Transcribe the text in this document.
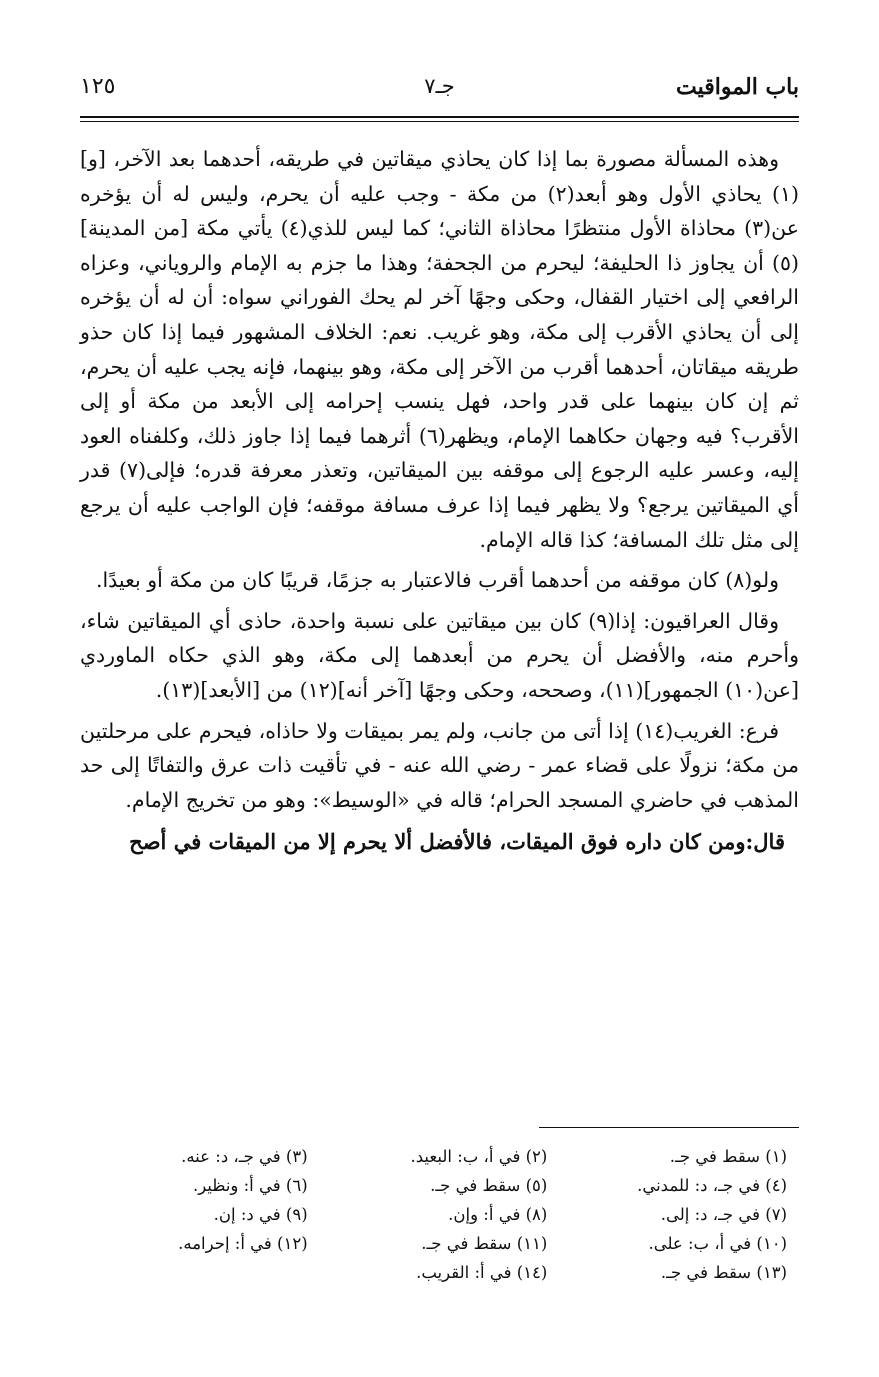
باب المواقيت
جـ٧
١٢٥

وهذه المسألة مصورة بما إذا كان يحاذي ميقاتين في طريقه، أحدهما بعد الآخر، [و](١) يحاذي الأول وهو أبعد(٢) من مكة - وجب عليه أن يحرم، وليس له أن يؤخره عن(٣) محاذاة الأول منتظرًا محاذاة الثاني؛ كما ليس للذي(٤) يأتي مكة [من المدينة](٥) أن يجاوز ذا الحليفة؛ ليحرم من الجحفة؛ وهذا ما جزم به الإمام والروياني، وعزاه الرافعي إلى اختيار القفال، وحكى وجهًا آخر لم يحك الفوراني سواه: أن له أن يؤخره إلى أن يحاذي الأقرب إلى مكة، وهو غريب. نعم: الخلاف المشهور فيما إذا كان حذو طريقه ميقاتان، أحدهما أقرب من الآخر إلى مكة، وهو بينهما، فإنه يجب عليه أن يحرم، ثم إن كان بينهما على قدر واحد، فهل ينسب إحرامه إلى الأبعد من مكة أو إلى الأقرب؟ فيه وجهان حكاهما الإمام، ويظهر(٦) أثرهما فيما إذا جاوز ذلك، وكلفناه العود إليه، وعسر عليه الرجوع إلى موقفه بين الميقاتين، وتعذر معرفة قدره؛ فإلى(٧) قدر أي الميقاتين يرجع؟ ولا يظهر فيما إذا عرف مسافة موقفه؛ فإن الواجب عليه أن يرجع إلى مثل تلك المسافة؛ كذا قاله الإمام.

ولو(٨) كان موقفه من أحدهما أقرب فالاعتبار به جزمًا، قريبًا كان من مكة أو بعيدًا.

وقال العراقيون: إذا(٩) كان بين ميقاتين على نسبة واحدة، حاذى أي الميقاتين شاء، وأحرم منه، والأفضل أن يحرم من أبعدهما إلى مكة، وهو الذي حكاه الماوردي [عن(١٠) الجمهور](١١)، وصححه، وحكى وجهًا [آخر أنه](١٢) من [الأبعد](١٣).

فرع: الغريب(١٤) إذا أتى من جانب، ولم يمر بميقات ولا حاذاه، فيحرم على مرحلتين من مكة؛ نزولًا على قضاء عمر - رضي الله عنه - في تأقيت ذات عرق والتفاتًا إلى حد المذهب في حاضري المسجد الحرام؛ قاله في «الوسيط»: وهو من تخريج الإمام.

قال:ومن كان داره فوق الميقات، فالأفضل ألا يحرم إلا من الميقات في أصح

(١) سقط في جـ.
(٢) في أ، ب: البعيد.
(٣) في جـ، د: عنه.
(٤) في جـ، د: للمدني.
(٥) سقط في جـ.
(٦) في أ: ونظير.
(٧) في جـ، د: إلى.
(٨) في أ: وإن.
(٩) في د: إن.
(١٠) في أ، ب: على.
(١١) سقط في جـ.
(١٢) في أ: إحرامه.
(١٣) سقط في جـ.
(١٤) في أ: القريب.
